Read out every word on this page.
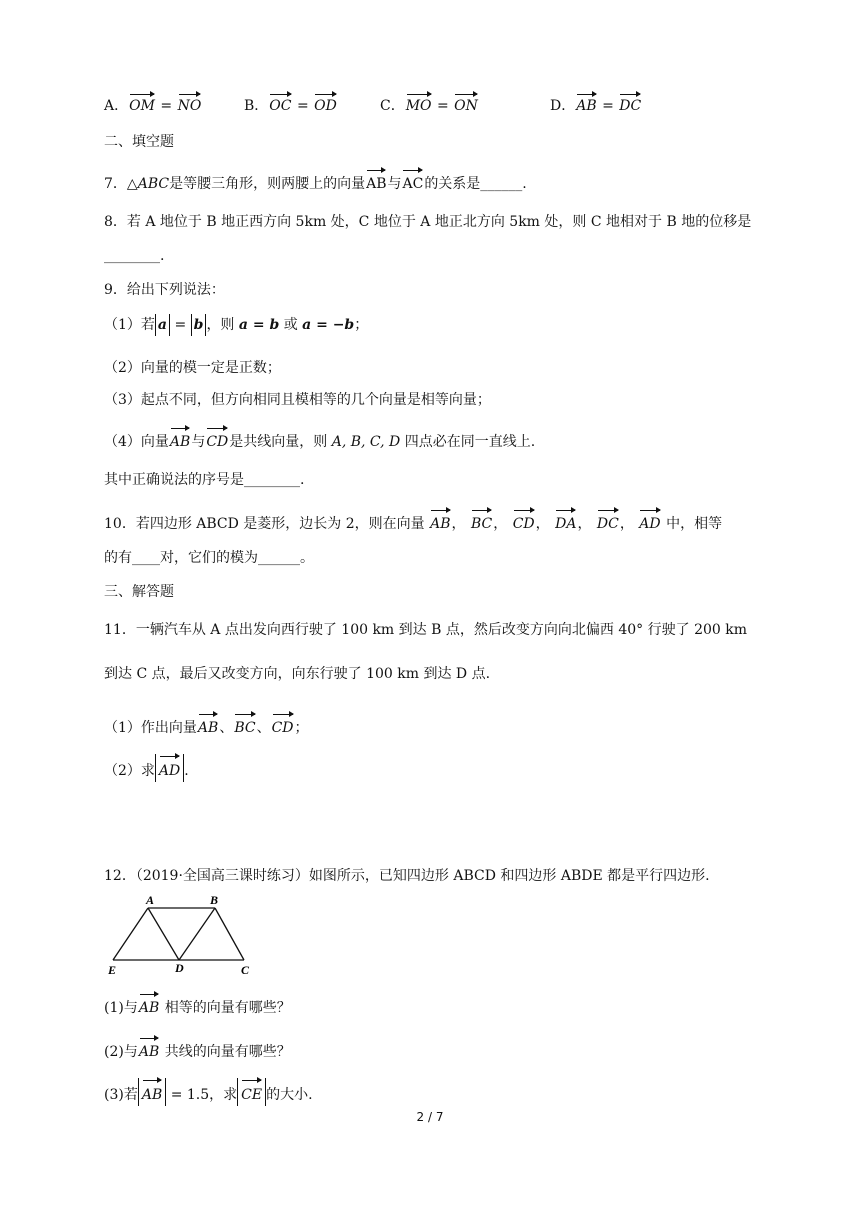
A．OM = NO	B．OC = OD	C．MO = ON	D．AB = DC
二、填空题
7．△ABC是等腰三角形，则两腰上的向量AB与AC的关系是______.
8．若 A 地位于 B 地正西方向 5km 处，C 地位于 A 地正北方向 5km 处，则 C 地相对于 B 地的位移是
________.
9．给出下列说法：
（1）若 a = b ，则 a = b 或 a = −b；
（2）向量的模一定是正数；
（3）起点不同，但方向相同且模相等的几个向量是相等向量；
（4）向量AB与CD是共线向量，则 A, B, C, D 四点必在同一直线上.
其中正确说法的序号是________.
10．若四边形 ABCD 是菱形，边长为 2，则在向量 AB， BC， CD， DA， DC， AD 中，相等
的有____对，它们的模为______。
三、解答题
11．一辆汽车从 A 点出发向西行驶了 100 km 到达 B 点，然后改变方向向北偏西 40° 行驶了 200 km
到达 C 点，最后又改变方向，向东行驶了 100 km 到达 D 点.
（1）作出向量AB、BC、CD；
（2）求 AD .
12．（2019·全国高三课时练习）如图所示，已知四边形 ABCD 和四边形 ABDE 都是平行四边形.
A	B
C
D
E
(1)与AB 相等的向量有哪些？
(2)与AB 共线的向量有哪些？
(3)若 AB = 1.5，求 CE 的大小.
2 / 7
